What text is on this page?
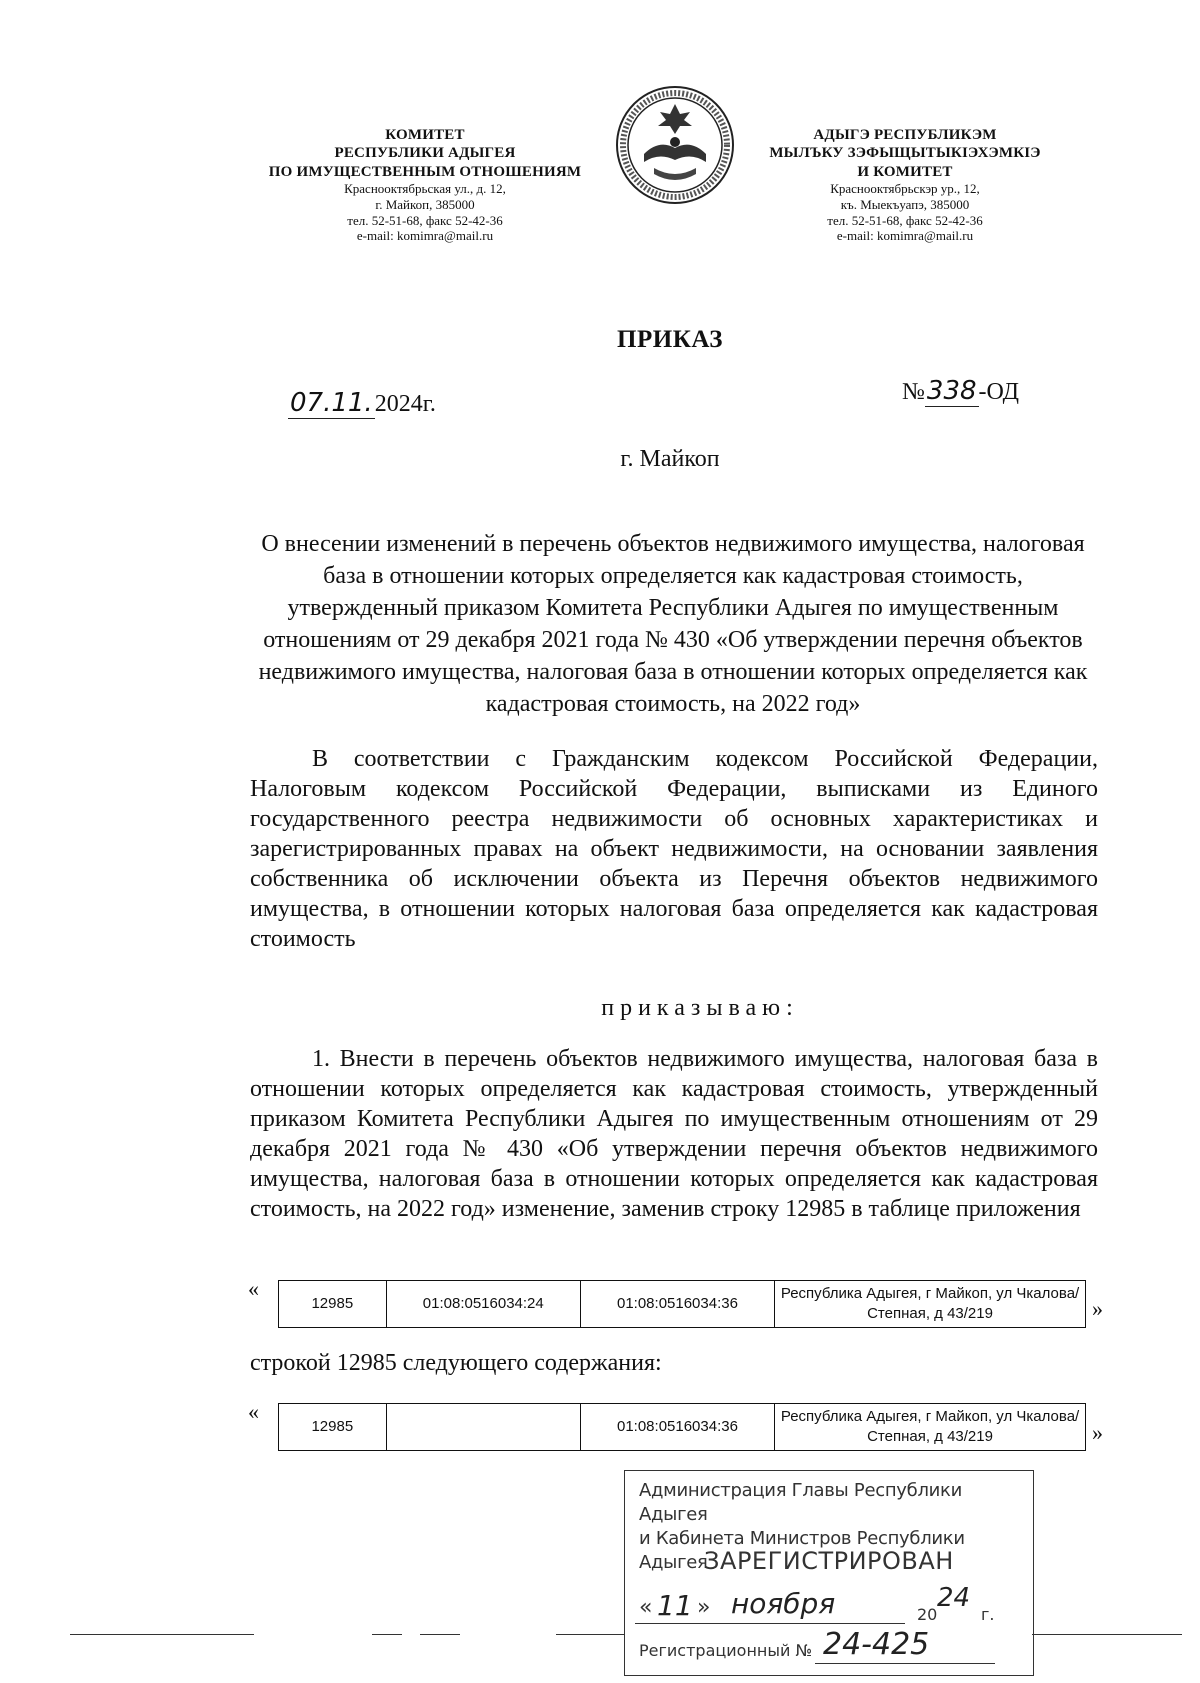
КОМИТЕТ
РЕСПУБЛИКИ АДЫГЕЯ
ПО ИМУЩЕСТВЕННЫМ ОТНОШЕНИЯМ
Краснооктябрьская ул., д. 12,
г. Майкоп, 385000
тел. 52-51-68, факс 52-42-36
e-mail: komimra@mail.ru
АДЫГЭ РЕСПУБЛИКЭМ
МЫЛЪКУ ЗЭФЫЩЫТЫКІЭХЭМКІЭ
И КОМИТЕТ
Краснооктябрьскэр ур., 12,
къ. Мыекъуапэ, 385000
тел. 52-51-68, факс 52-42-36
e-mail: komimra@mail.ru
ПРИКАЗ
07.11.2024г.	№338-ОД
г. Майкоп
О внесении изменений в перечень объектов недвижимого имущества, налоговая база в отношении которых определяется как кадастровая стоимость, утвержденный приказом Комитета Республики Адыгея по имущественным отношениям от 29 декабря 2021 года № 430 «Об утверждении перечня объектов недвижимого имущества, налоговая база в отношении которых определяется как кадастровая стоимость, на 2022 год»
В соответствии с Гражданским кодексом Российской Федерации, Налоговым кодексом Российской Федерации, выписками из Единого государственного реестра недвижимости об основных характеристиках и зарегистрированных правах на объект недвижимости, на основании заявления собственника об исключении объекта из Перечня объектов недвижимого имущества, в отношении которых налоговая база определяется как кадастровая стоимость
приказываю:
1. Внести в перечень объектов недвижимого имущества, налоговая база в отношении которых определяется как кадастровая стоимость, утвержденный приказом Комитета Республики Адыгея по имущественным отношениям от 29 декабря 2021 года № 430 «Об утверждении перечня объектов недвижимого имущества, налоговая база в отношении которых определяется как кадастровая стоимость, на 2022 год» изменение, заменив строку 12985 в таблице приложения
«
12985	01:08:0516034:24	01:08:0516034:36	Республика Адыгея, г Майкоп, ул Чкалова/Степная, д 43/219	»
строкой 12985 следующего содержания:
«
12985		01:08:0516034:36	Республика Адыгея, г Майкоп, ул Чкалова/Степная, д 43/219	»
Администрация Главы Республики Адыгея
и Кабинета Министров Республики Адыгея
ЗАРЕГИСТРИРОВАН
« 11 » ноября	20
24
г.
Регистрационный № 24-425
